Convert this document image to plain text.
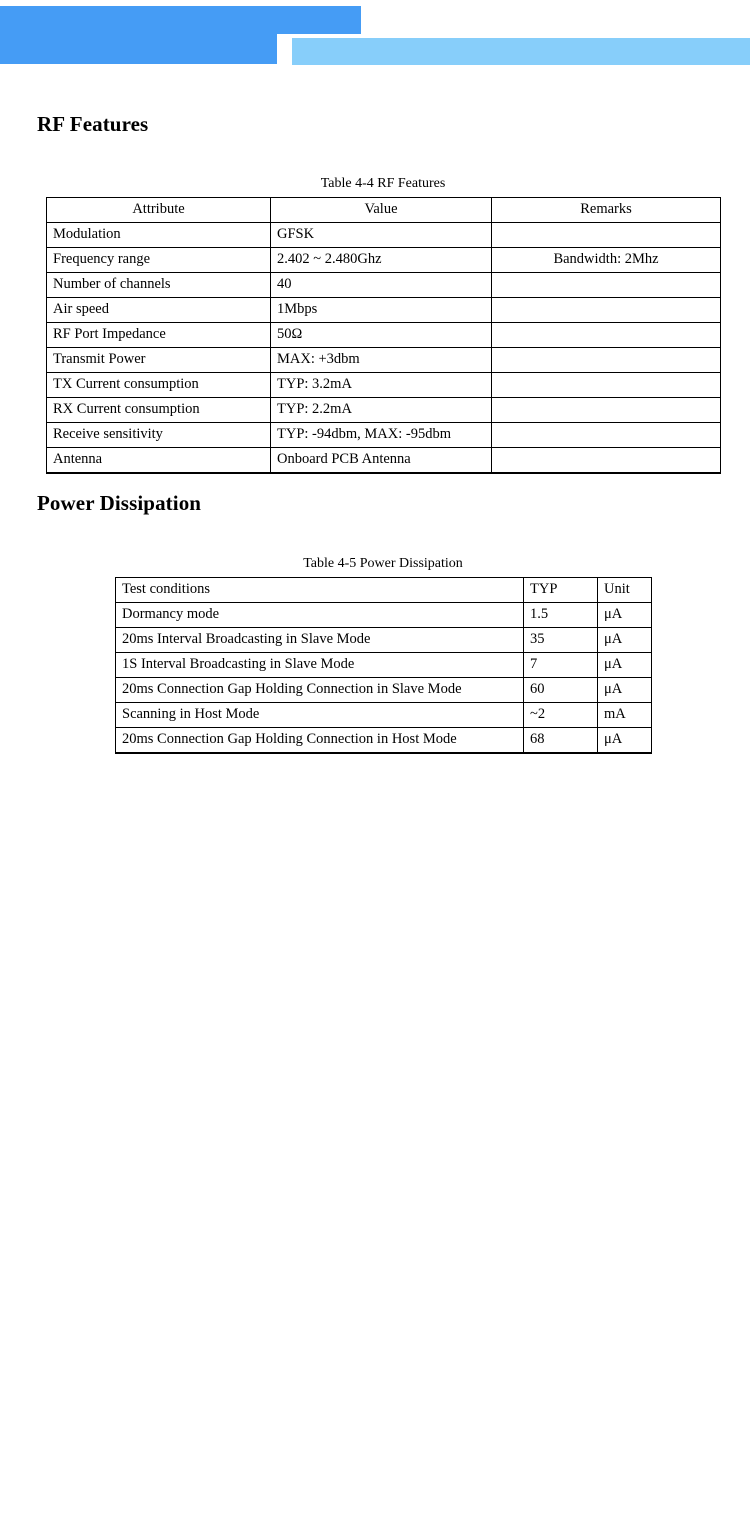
RF Features
Table 4-4 RF Features
Attribute	Value	Remarks
Modulation	GFSK	
Frequency range	2.402 ~ 2.480Ghz	Bandwidth: 2Mhz
Number of channels	40	
Air speed	1Mbps	
RF Port Impedance	50Ω	
Transmit Power	MAX: +3dbm	
TX Current consumption	TYP: 3.2mA	
RX Current consumption	TYP: 2.2mA	
Receive sensitivity	TYP: -94dbm, MAX: -95dbm	
Antenna	Onboard PCB Antenna	
Power Dissipation
Table 4-5 Power Dissipation
Test conditions	TYP	Unit
Dormancy mode	1.5	μA
20ms Interval Broadcasting in Slave Mode	35	μA
1S Interval Broadcasting in Slave Mode	7	μA
20ms Connection Gap Holding Connection in Slave Mode	60	μA
Scanning in Host Mode	~2	mA
20ms Connection Gap Holding Connection in Host Mode	68	μA
